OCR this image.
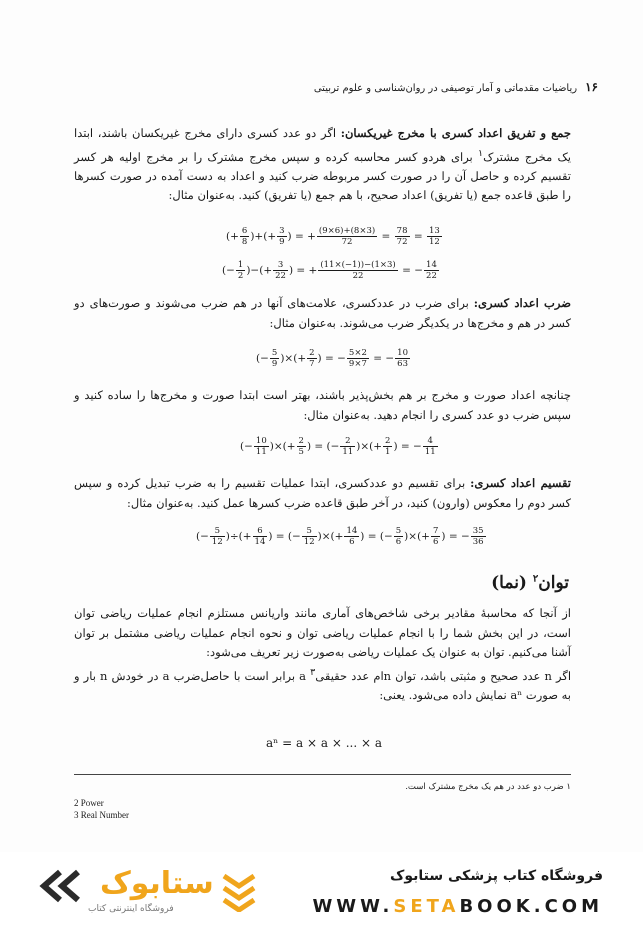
۱۶
ریاضیات مقدماتی و آمار توصیفی در روان‌شناسی و علوم تربیتی
جمع و تفریق اعداد کسری با مخرج غیریکسان: اگر دو عدد کسری دارای مخرج غیریکسان باشند، ابتدا یک مخرج مشترک$^۱$ برای هردو کسر محاسبه کرده و سپس مخرج مشترک را بر مخرج اولیه هر کسر تقسیم کرده و حاصل آن را در صورت کسر مربوطه ضرب کنید و اعداد به دست آمده در صورت کسرها را طبق قاعده جمع (یا تفریق) اعداد صحیح، با هم جمع (یا تفریق) کنید. به‌عنوان مثال:
(+ $\frac{6}{8}$ )+(+ $\frac{3}{9}$ ) = + $\frac{(9\times 6)+(8\times 3)}{72} = \frac{78}{72} = \frac{13}{12}$
(− $\frac{1}{2}$ )−(+ $\frac{3}{22}$ ) = + $\frac{(11\times(-1))-(1\times 3)}{22}$ = − $\frac{14}{22}$
ضرب اعداد کسری: برای ضرب در عددکسری، علامت‌های آنها در هم ضرب می‌شوند و صورت‌های دو کسر در هم و مخرج‌ها در یکدیگر ضرب می‌شوند. به‌عنوان مثال:
(− $\frac{5}{9}$ )×(+ $\frac{2}{7}$ ) = − $\frac{5\times 2}{9\times 7}$ = − $\frac{10}{63}$
چنانچه اعداد صورت و مخرج بر هم بخش‌پذیر باشند، بهتر است ابتدا صورت و مخرج‌ها را ساده کنید و سپس ضرب دو عدد کسری را انجام دهید. به‌عنوان مثال:
(− $\frac{10}{11}$ )×(+ $\frac{2}{5}$ ) = (− $\frac{2}{11}$ )×(+ $\frac{2}{1}$ ) = − $\frac{4}{11}$
تقسیم اعداد کسری: برای تقسیم دو عددکسری، ابتدا عملیات تقسیم را به ضرب تبدیل کرده و سپس کسر دوم را معکوس (وارون) کنید، در آخر طبق قاعده ضرب کسرها عمل کنید. به‌عنوان مثال:
(− $\frac{5}{12}$ )÷(+ $\frac{6}{14}$ ) = (− $\frac{5}{12}$ )×(+ $\frac{14}{6}$ ) = (− $\frac{5}{6}$ )×(+ $\frac{7}{6}$ ) = − $\frac{35}{36}$
توان$^۲$ (نما)
از آنجا که محاسبهٔ مقادیر برخی شاخص‌های آماری مانند واریانس مستلزم انجام عملیات ریاضی توان است، در این بخش شما را با انجام عملیات ریاضی توان و نحوه انجام عملیات ریاضی مشتمل بر توان آشنا می‌کنیم. توان به عنوان یک عملیات ریاضی به‌صورت زیر تعریف می‌شود:
اگر n عدد صحیح و مثبتی باشد، توان nام عدد حقیقی$^۳$ a برابر است با حاصل‌ضرب a در خودش n بار و به صورت aⁿ نمایش داده می‌شود. یعنی:
aⁿ = a × a × ... × a
۱ ضرب دو عدد در هم یک مخرج مشترک است.
2 Power
3 Real Number
ستابوک
فروشگاه اینترنتی کتاب
فروشگاه کتاب پزشکی ستابوک
WWW.SETABOOK.COM
